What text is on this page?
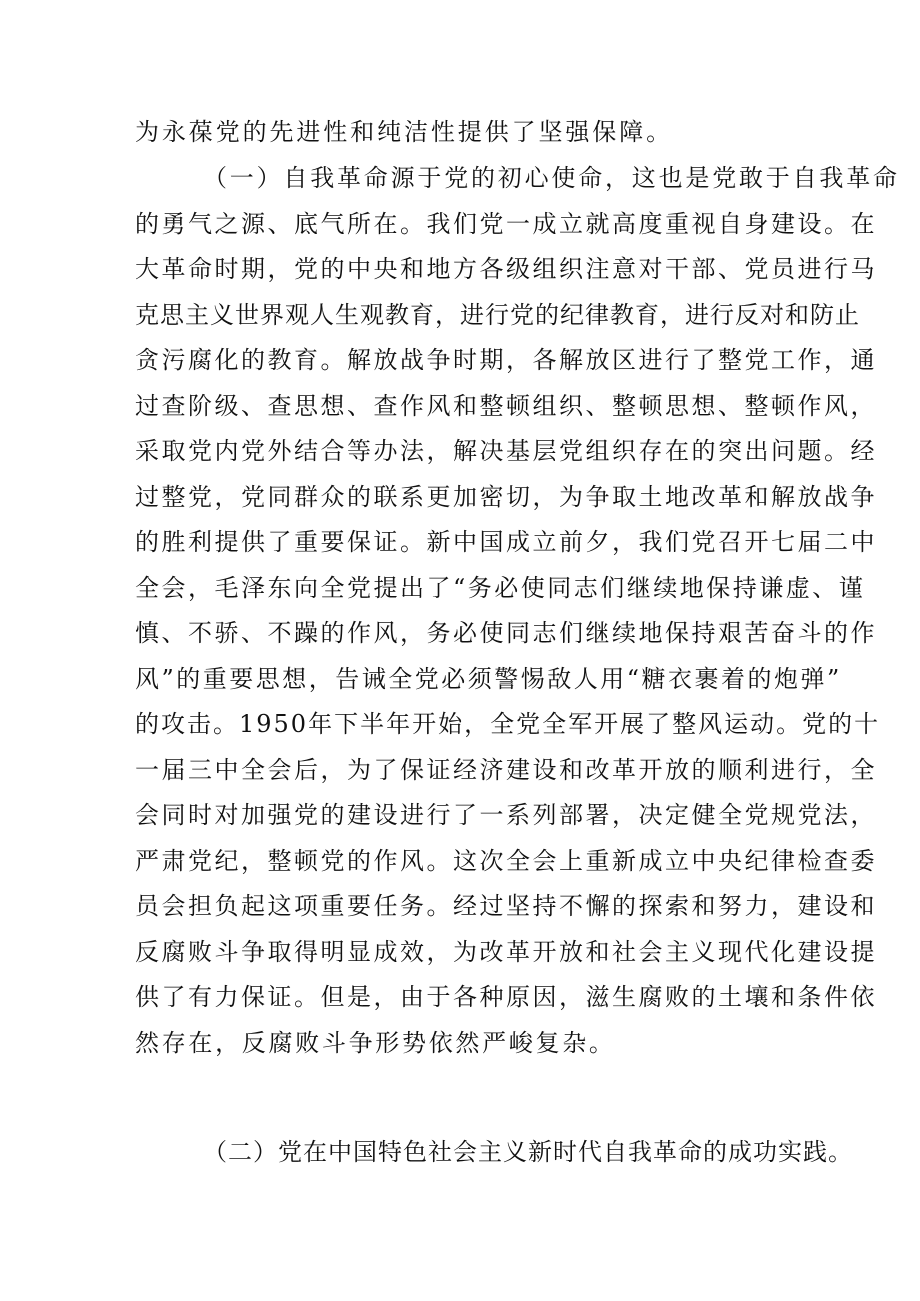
为永葆党的先进性和纯洁性提供了坚强保障。
（一）自我革命源于党的初心使命，这也是党敢于自我革命
的勇气之源、底气所在。我们党一成立就高度重视自身建设。在
大革命时期，党的中央和地方各级组织注意对干部、党员进行马
克思主义世界观人生观教育，进行党的纪律教育，进行反对和防止
贪污腐化的教育。解放战争时期，各解放区进行了整党工作，通
过查阶级、查思想、查作风和整顿组织、整顿思想、整顿作风，
采取党内党外结合等办法，解决基层党组织存在的突出问题。经
过整党，党同群众的联系更加密切，为争取土地改革和解放战争
的胜利提供了重要保证。新中国成立前夕，我们党召开七届二中
全会，毛泽东向全党提出了“务必使同志们继续地保持谦虚、谨
慎、不骄、不躁的作风，务必使同志们继续地保持艰苦奋斗的作
风”的重要思想，告诫全党必须警惕敌人用“糖衣裹着的炮弹”
的攻击。1950年下半年开始，全党全军开展了整风运动。党的十
一届三中全会后，为了保证经济建设和改革开放的顺利进行，全
会同时对加强党的建设进行了一系列部署，决定健全党规党法，
严肃党纪，整顿党的作风。这次全会上重新成立中央纪律检查委
员会担负起这项重要任务。经过坚持不懈的探索和努力，建设和
反腐败斗争取得明显成效，为改革开放和社会主义现代化建设提
供了有力保证。但是，由于各种原因，滋生腐败的土壤和条件依
然存在，反腐败斗争形势依然严峻复杂。
（二）党在中国特色社会主义新时代自我革命的成功实践。
